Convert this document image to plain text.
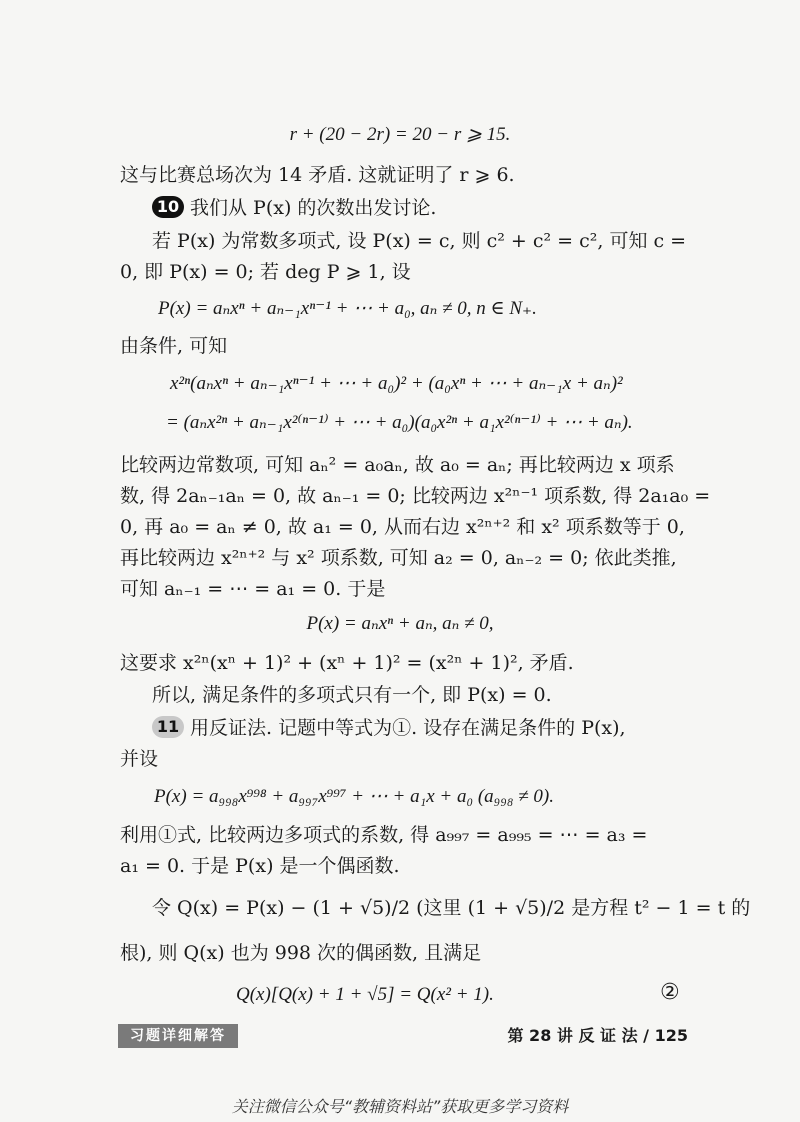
r + (20 − 2r) = 20 − r ⩾ 15.
这与比赛总场次为 14 矛盾. 这就证明了 r ⩾ 6.
10 我们从 P(x) 的次数出发讨论.
若 P(x) 为常数多项式, 设 P(x) = c, 则 c² + c² = c², 可知 c =
0, 即 P(x) = 0; 若 deg P ⩾ 1, 设
P(x) = aₙxⁿ + aₙ₋₁xⁿ⁻¹ + ⋯ + a₀, aₙ ≠ 0, n ∈ N₊.
由条件, 可知
x²ⁿ(aₙxⁿ + aₙ₋₁xⁿ⁻¹ + ⋯ + a₀)² + (a₀xⁿ + ⋯ + aₙ₋₁x + aₙ)²
= (aₙx²ⁿ + aₙ₋₁x²⁽ⁿ⁻¹⁾ + ⋯ + a₀)(a₀x²ⁿ + a₁x²⁽ⁿ⁻¹⁾ + ⋯ + aₙ).
比较两边常数项, 可知 aₙ² = a₀aₙ, 故 a₀ = aₙ; 再比较两边 x 项系
数, 得 2aₙ₋₁aₙ = 0, 故 aₙ₋₁ = 0; 比较两边 x²ⁿ⁻¹ 项系数, 得 2a₁a₀ =
0, 再 a₀ = aₙ ≠ 0, 故 a₁ = 0, 从而右边 x²ⁿ⁺² 和 x² 项系数等于 0,
再比较两边 x²ⁿ⁺² 与 x² 项系数, 可知 a₂ = 0, aₙ₋₂ = 0; 依此类推,
可知 aₙ₋₁ = ⋯ = a₁ = 0. 于是
P(x) = aₙxⁿ + aₙ, aₙ ≠ 0,
这要求 x²ⁿ(xⁿ + 1)² + (xⁿ + 1)² = (x²ⁿ + 1)², 矛盾.
所以, 满足条件的多项式只有一个, 即 P(x) = 0.
11 用反证法. 记题中等式为①. 设存在满足条件的 P(x),
并设
P(x) = a₉₉₈x⁹⁹⁸ + a₉₉₇x⁹⁹⁷ + ⋯ + a₁x + a₀ (a₉₉₈ ≠ 0).
利用①式, 比较两边多项式的系数, 得 a₉₉₇ = a₉₉₅ = ⋯ = a₃ =
a₁ = 0. 于是 P(x) 是一个偶函数.
令 Q(x) = P(x) − (1 + √5)/2 (这里 (1 + √5)/2 是方程 t² − 1 = t 的
根), 则 Q(x) 也为 998 次的偶函数, 且满足
Q(x)[Q(x) + 1 + √5] = Q(x² + 1).	②
习题详细解答	第 28 讲 反 证 法 / 125
关注微信公众号“教辅资料站”获取更多学习资料
